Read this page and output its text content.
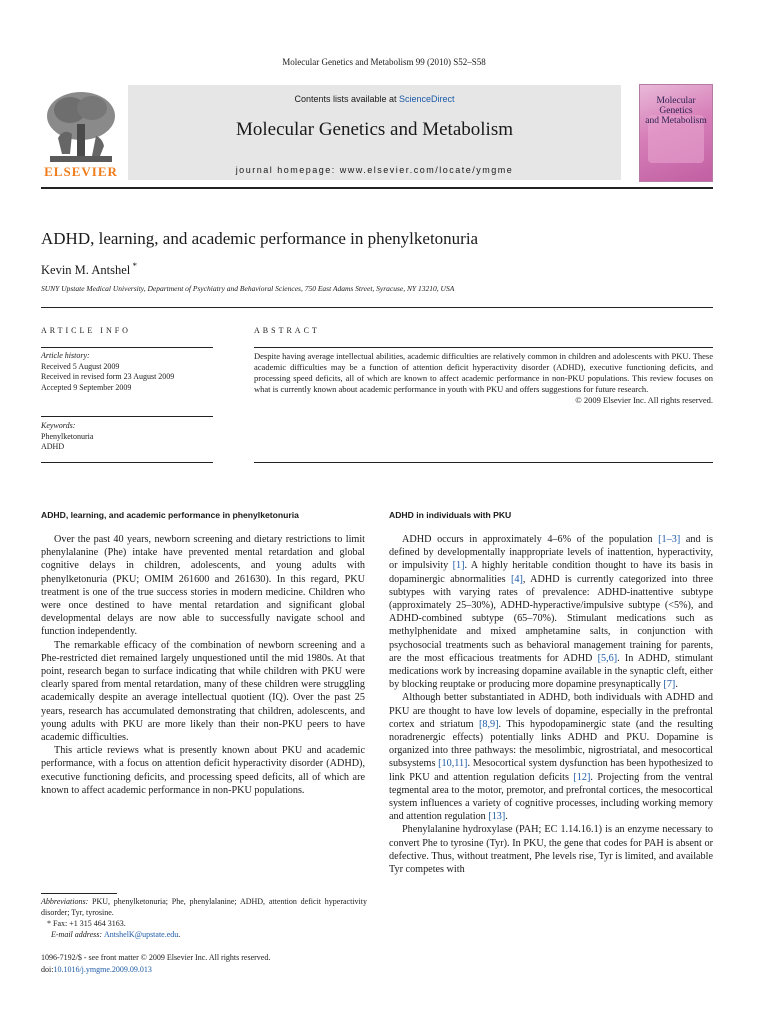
Molecular Genetics and Metabolism 99 (2010) S52–S58
ELSEVIER
Contents lists available at ScienceDirect
Molecular Genetics and Metabolism
journal homepage: www.elsevier.com/locate/ymgme
Molecular Genetics
and Metabolism
ADHD, learning, and academic performance in phenylketonuria
Kevin M. Antshel *
SUNY Upstate Medical University, Department of Psychiatry and Behavioral Sciences, 750 East Adams Street, Syracuse, NY 13210, USA
ARTICLE INFO
Article history:
Received 5 August 2009
Received in revised form 23 August 2009
Accepted 9 September 2009
Keywords:
Phenylketonuria
ADHD
ABSTRACT
Despite having average intellectual abilities, academic difficulties are relatively common in children and adolescents with PKU. These academic difficulties may be a function of attention deficit hyperactivity disorder (ADHD), executive functioning deficits, and processing speed deficits, all of which are known to affect academic performance in non-PKU populations. This review focuses on what is currently known about academic performance in youth with PKU and offers suggestions for future research.
© 2009 Elsevier Inc. All rights reserved.
ADHD, learning, and academic performance in phenylketonuria

Over the past 40 years, newborn screening and dietary restrictions to limit phenylalanine (Phe) intake have prevented mental retardation and global cognitive delays in children, adolescents, and young adults with phenylketonuria (PKU; OMIM 261600 and 261630). In this regard, PKU treatment is one of the true success stories in modern medicine. Children who were once destined to have mental retardation and significant global developmental delays are now able to successfully navigate school and function independently.

The remarkable efficacy of the combination of newborn screening and a Phe-restricted diet remained largely unquestioned until the mid 1980s. At that point, research began to surface indicating that while children with PKU were clearly spared from mental retardation, many of these children were struggling academically despite an average intellectual quotient (IQ). Over the past 25 years, research has accumulated demonstrating that children, adolescents, and young adults with PKU are more likely than their non-PKU peers to have academic difficulties.

This article reviews what is presently known about PKU and academic performance, with a focus on attention deficit hyperactivity disorder (ADHD), executive functioning deficits, and processing speed deficits, all of which are known to affect academic performance in non-PKU populations.

ADHD in individuals with PKU

ADHD occurs in approximately 4–6% of the population [1–3] and is defined by developmentally inappropriate levels of inattention, hyperactivity, or impulsivity [1]. A highly heritable condition thought to have its basis in dopaminergic abnormalities [4], ADHD is currently categorized into three subtypes with varying rates of prevalence: ADHD-inattentive subtype (approximately 25–30%), ADHD-hyperactive/impulsive subtype (<5%), and ADHD-combined subtype (65–70%). Stimulant medications such as methylphenidate and mixed amphetamine salts, in conjunction with psychosocial treatments such as behavioral management training for parents, are the most efficacious treatments for ADHD [5,6]. In ADHD, stimulant medications work by increasing dopamine available in the synaptic cleft, either by blocking reuptake or producing more dopamine presynaptically [7].

Although better substantiated in ADHD, both individuals with ADHD and PKU are thought to have low levels of dopamine, especially in the prefrontal cortex and striatum [8,9]. This hypodopaminergic state (and the resulting noradrenergic effects) potentially links ADHD and PKU. Dopamine is organized into three pathways: the mesolimbic, nigrostriatal, and mesocortical subsystems [10,11]. Mesocortical system dysfunction has been hypothesized to link PKU and attention regulation deficits [12]. Projecting from the ventral tegmental area to the motor, premotor, and prefrontal cortices, the mesocortical system influences a variety of cognitive processes, including working memory and attention regulation [13].

Phenylalanine hydroxylase (PAH; EC 1.14.16.1) is an enzyme necessary to convert Phe to tyrosine (Tyr). In PKU, the gene that codes for PAH is absent or defective. Thus, without treatment, Phe levels rise, Tyr is limited, and available Tyr competes with

Abbreviations: PKU, phenylketonuria; Phe, phenylalanine; ADHD, attention deficit hyperactivity disorder; Tyr, tyrosine.
* Fax: +1 315 464 3163.
E-mail address: AntshelK@upstate.edu.
1096-7192/$ - see front matter © 2009 Elsevier Inc. All rights reserved.
doi:10.1016/j.ymgme.2009.09.013
